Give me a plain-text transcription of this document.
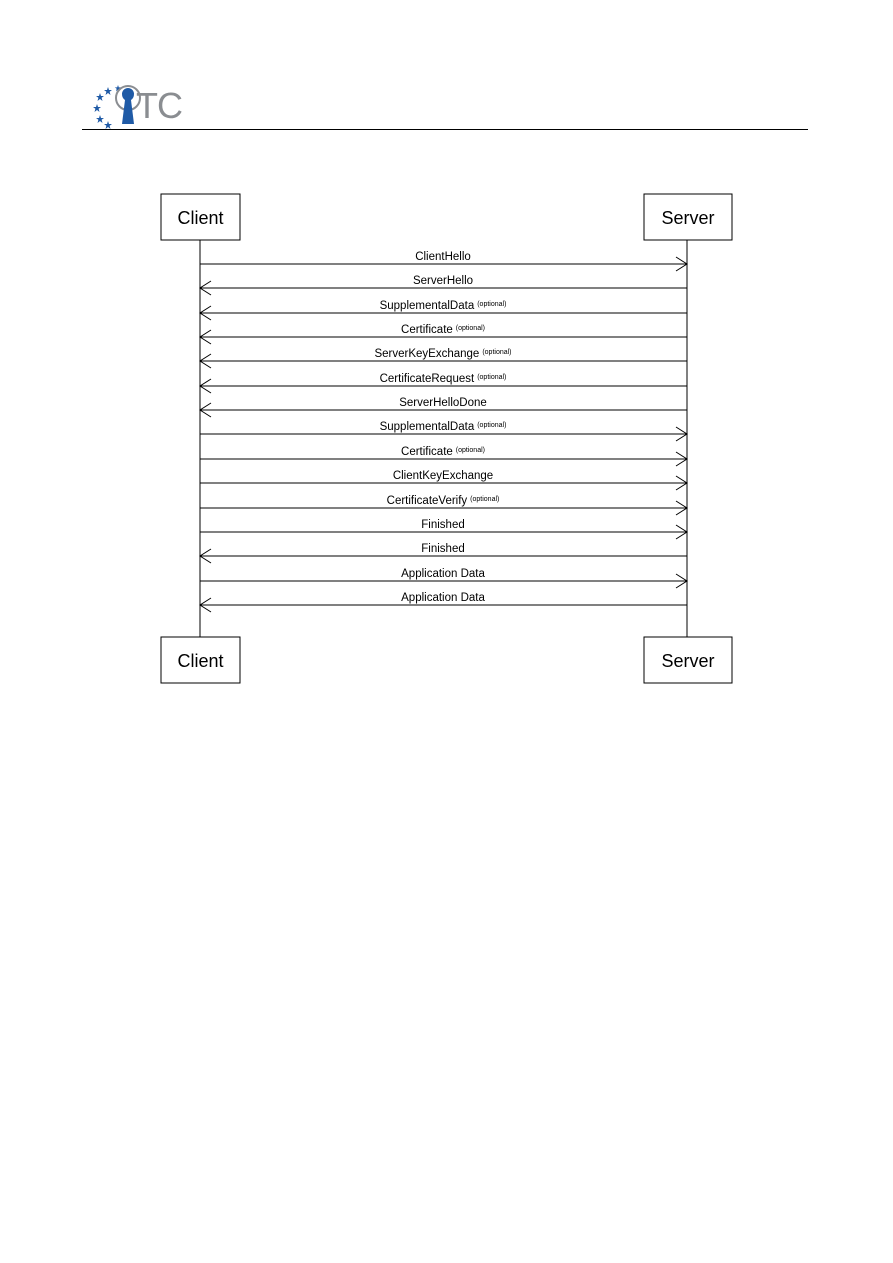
TC
Client	Server
Client	Server
ClientHello
ServerHello
SupplementalData $^{(optional)}$
Certificate $^{(optional)}$
ServerKeyExchange $^{(optional)}$
CertificateRequest $^{(optional)}$
ServerHelloDone
SupplementalData $^{(optional)}$
Certificate $^{(optional)}$
ClientKeyExchange
CertificateVerify $^{(optional)}$
Finished
Finished
Application Data
Application Data
